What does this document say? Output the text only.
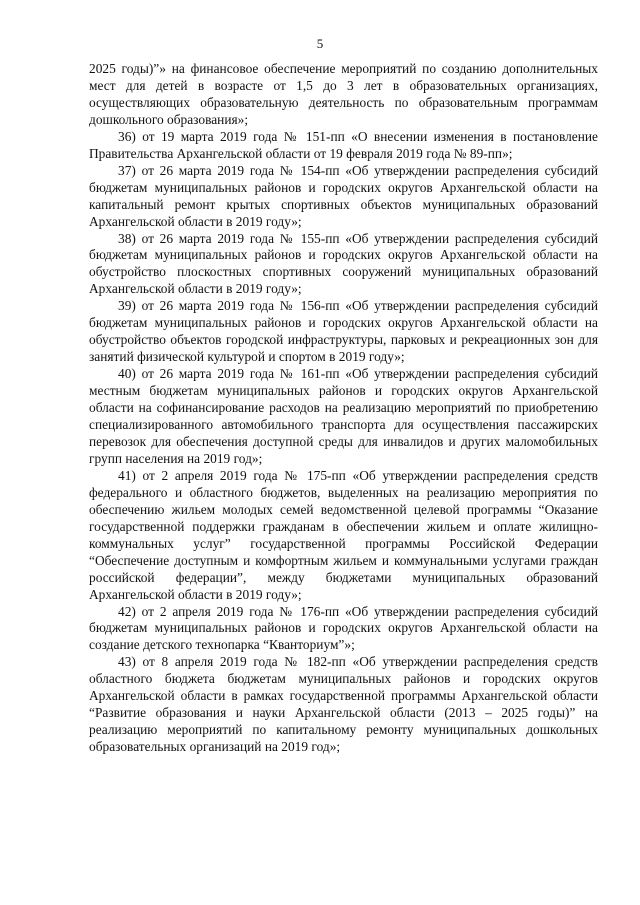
5

2025 годы)”» на финансовое обеспечение мероприятий по созданию дополнительных мест для детей в возрасте от 1,5 до 3 лет в образовательных организациях, осуществляющих образовательную деятельность по образовательным программам дошкольного образования»;

36) от 19 марта 2019 года № 151-пп «О внесении изменения в постановление Правительства Архангельской области от 19 февраля 2019 года № 89-пп»;

37) от 26 марта 2019 года № 154-пп «Об утверждении распределения субсидий бюджетам муниципальных районов и городских округов Архангельской области на капитальный ремонт крытых спортивных объектов муниципальных образований Архангельской области в 2019 году»;

38) от 26 марта 2019 года № 155-пп «Об утверждении распределения субсидий бюджетам муниципальных районов и городских округов Архангельской области на обустройство плоскостных спортивных сооружений муниципальных образований Архангельской области в 2019 году»;

39) от 26 марта 2019 года № 156-пп «Об утверждении распределения субсидий бюджетам муниципальных районов и городских округов Архангельской области на обустройство объектов городской инфраструктуры, парковых и рекреационных зон для занятий физической культурой и спортом в 2019 году»;

40) от 26 марта 2019 года № 161-пп «Об утверждении распределения субсидий местным бюджетам муниципальных районов и городских округов Архангельской области на софинансирование расходов на реализацию мероприятий по приобретению специализированного автомобильного транспорта для осуществления пассажирских перевозок для обеспечения доступной среды для инвалидов и других маломобильных групп населения на 2019 год»;

41) от 2 апреля 2019 года № 175-пп «Об утверждении распределения средств федерального и областного бюджетов, выделенных на реализацию мероприятия по обеспечению жильем молодых семей ведомственной целевой программы “Оказание государственной поддержки гражданам в обеспечении жильем и оплате жилищно-коммунальных услуг” государственной программы Российской Федерации “Обеспечение доступным и комфортным жильем и коммунальными услугами граждан российской федерации”, между бюджетами муниципальных образований Архангельской области в 2019 году»;

42) от 2 апреля 2019 года № 176-пп «Об утверждении распределения субсидий бюджетам муниципальных районов и городских округов Архангельской области на создание детского технопарка “Кванториум”»;

43) от 8 апреля 2019 года № 182-пп «Об утверждении распределения средств областного бюджета бюджетам муниципальных районов и городских округов Архангельской области в рамках государственной программы Архангельской области “Развитие образования и науки Архангельской области (2013 – 2025 годы)” на реализацию мероприятий по капитальному ремонту муниципальных дошкольных образовательных организаций на 2019 год»;
